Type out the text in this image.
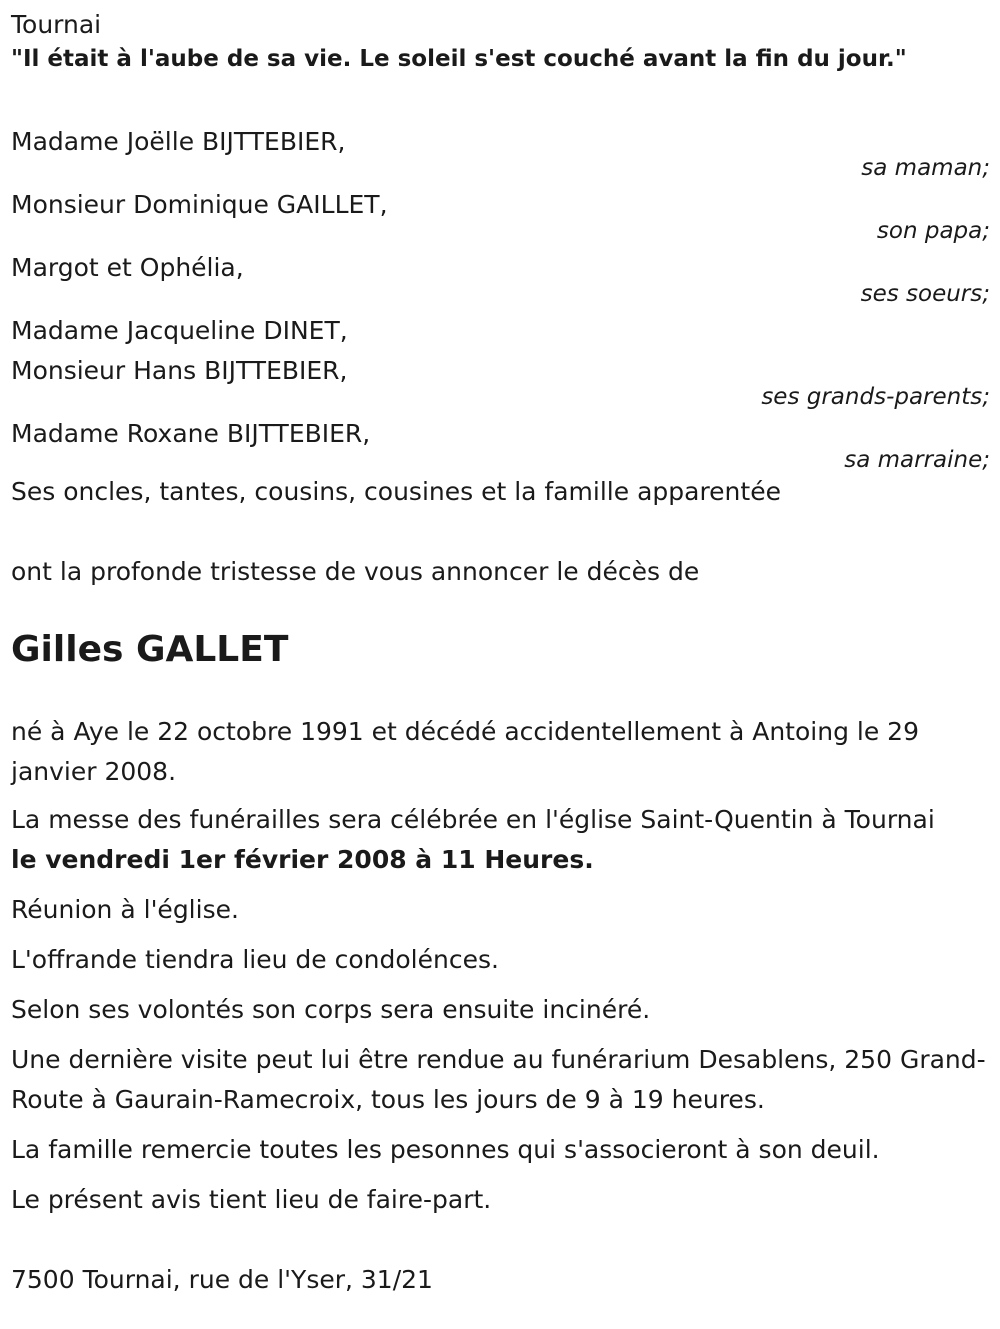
Tournai
"Il était à l'aube de sa vie. Le soleil s'est couché avant la fin du jour."
Madame Joëlle BIJTTEBIER,
sa maman;
Monsieur Dominique GAILLET,
son papa;
Margot et Ophélia,
ses soeurs;
Madame Jacqueline DINET,
Monsieur Hans BIJTTEBIER,
ses grands-parents;
Madame Roxane BIJTTEBIER,
sa marraine;
Ses oncles, tantes, cousins, cousines et la famille apparentée
ont la profonde tristesse de vous annoncer le décès de
Gilles GALLET
né à Aye le 22 octobre 1991 et décédé accidentellement à Antoing le 29 janvier 2008.
La messe des funérailles sera célébrée en l'église Saint-Quentin à Tournai
le vendredi 1er février 2008 à 11 Heures.
Réunion à l'église.
L'offrande tiendra lieu de condolénces.
Selon ses volontés son corps sera ensuite incinéré.
Une dernière visite peut lui être rendue au funérarium Desablens, 250 Grand-Route à Gaurain-Ramecroix, tous les jours de 9 à 19 heures.
La famille remercie toutes les pesonnes qui s'associeront à son deuil.
Le présent avis tient lieu de faire-part.
7500 Tournai, rue de l'Yser, 31/21
